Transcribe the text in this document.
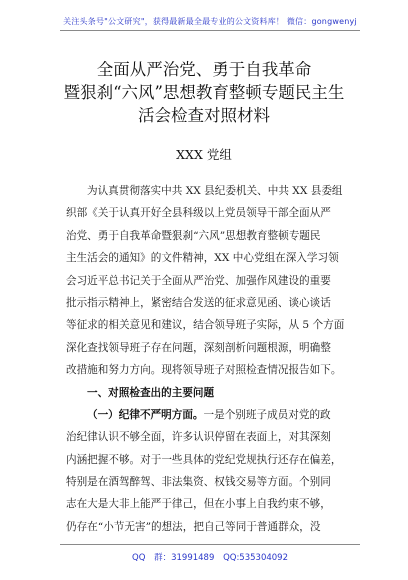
关注头条号"公文研究"，获得最新最全最专业的公文资料库！ 微信：gongwenyj
全面从严治党、勇于自我革命
暨狠刹“六风”思想教育整顿专题民主生
活会检查对照材料
XXX 党组
为认真贯彻落实中共 XX 县纪委机关、中共 XX 县委组
织部《关于认真开好全县科级以上党员领导干部全面从严
治党、勇于自我革命暨狠刹“六风”思想教育整顿专题民
主生活会的通知》的文件精神，XX 中心党组在深入学习领
会习近平总书记关于全面从严治党、加强作风建设的重要
批示指示精神上，紧密结合发送的征求意见函、谈心谈话
等征求的相关意见和建议，结合领导班子实际，从 5 个方面
深化查找领导班子存在问题，深刻剖析问题根源，明确整
改措施和努力方向。现将领导班子对照检查情况报告如下。
一、对照检查出的主要问题
（一）纪律不严明方面。一是个别班子成员对党的政
治纪律认识不够全面，许多认识停留在表面上，对其深刻
内涵把握不够。对于一些具体的党纪党规执行还存在偏差，
特别是在酒驾醉驾、非法集资、权钱交易等方面。个别同
志在大是大非上能严于律己，但在小事上自我约束不够，
仍存在“小节无害”的想法，把自己等同于普通群众，没
QQ 群：31991489 QQ:535304092
